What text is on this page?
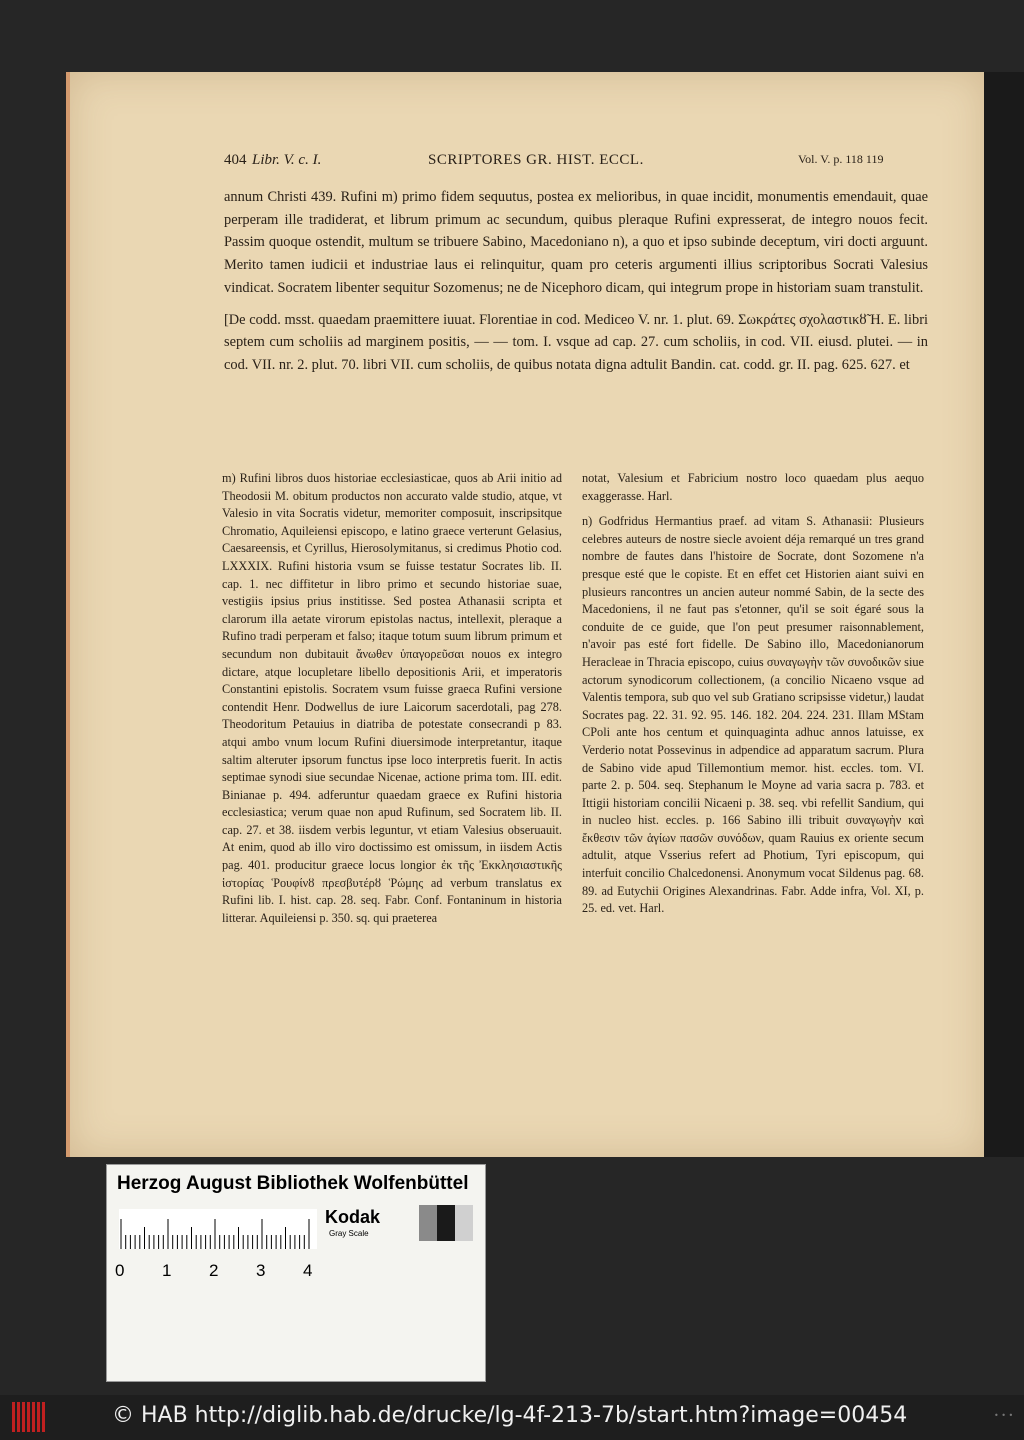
404 Libr. V. c. I.	SCRIPTORES GR. HIST. ECCL.	Vol. V. p. 118 119

annum Christi 439. Rufini m) primo fidem sequutus, postea ex melioribus, in quae incidit, monumentis emendauit, quae perperam ille tradiderat, et librum primum ac secundum, quibus pleraque Rufini expresserat, de integro nouos fecit. Passim quoque ostendit, multum se tribuere Sabino, Macedoniano n), a quo et ipso subinde deceptum, viri docti arguunt. Merito tamen iudicii et industriae laus ei relinquitur, quam pro ceteris argumenti illius scriptoribus Socrati Valesius vindicat. Socratem libenter sequitur Sozomenus; ne de Nicephoro dicam, qui integrum prope in historiam suam transtulit.

[De codd. msst. quaedam praemittere iuuat. Florentiae in cod. Mediceo V. nr. 1. plut. 69. Σωκράτες σχολαστικȣ̃ H. E. libri septem cum scholiis ad marginem positis, — — tom. I. vsque ad cap. 27. cum scholiis, in cod. VII. eiusd. plutei. — in cod. VII. nr. 2. plut. 70. libri VII. cum scholiis, de quibus notata digna adtulit Bandin. cat. codd. gr. II. pag. 625. 627. et

m) Rufini libros duos historiae ecclesiasticae, quos ab Arii initio ad Theodosii M. obitum productos non accurato valde studio, atque, vt Valesio in vita Socratis videtur, memoriter composuit, inscripsitque Chromatio, Aquileiensi episcopo, e latino graece verterunt Gelasius, Caesareensis, et Cyrillus, Hierosolymitanus, si credimus Photio cod. LXXXIX. Rufini historia vsum se fuisse testatur Socrates lib. II. cap. 1. nec diffitetur in libro primo et secundo historiae suae, vestigiis ipsius prius institisse. Sed postea Athanasii scripta et clarorum illa aetate virorum epistolas nactus, intellexit, pleraque a Rufino tradi perperam et falso; itaque totum suum librum primum et secundum non dubitauit ἄνωθεν ὑπαγορεῦσαι nouos ex integro dictare, atque locupletare libello depositionis Arii, et imperatoris Constantini epistolis. Socratem vsum fuisse graeca Rufini versione contendit Henr. Dodwellus de iure Laicorum sacerdotali, pag 278. Theodoritum Petauius in diatriba de potestate consecrandi p 83. atqui ambo vnum locum Rufini diuersimode interpretantur, itaque saltim alteruter ipsorum functus ipse loco interpretis fuerit. In actis septimae synodi siue secundae Nicenae, actione prima tom. III. edit. Binianae p. 494. adferuntur quaedam graece ex Rufini historia ecclesiastica; verum quae non apud Rufinum, sed Socratem lib. II. cap. 27. et 38. iisdem verbis leguntur, vt etiam Valesius obseruauit. At enim, quod ab illo viro doctissimo est omissum, in iisdem Actis pag. 401. producitur graece locus longior ἐκ τῆς Ἐκκλησιαστικῆς ἱστορίας Ῥουφίνȣ πρεσβυτέρȣ Ῥώμης ad verbum translatus ex Rufini lib. I. hist. cap. 28. seq. Fabr. Conf. Fontaninum in historia litterar. Aquileiensi p. 350. sq. qui praeterea

notat, Valesium et Fabricium nostro loco quaedam plus aequo exaggerasse. Harl.

n) Godfridus Hermantius praef. ad vitam S. Athanasii: Plusieurs celebres auteurs de nostre siecle avoient déja remarqué un tres grand nombre de fautes dans l'histoire de Socrate, dont Sozomene n'a presque esté que le copiste. Et en effet cet Historien aiant suivi en plusieurs rancontres un ancien auteur nommé Sabin, de la secte des Macedoniens, il ne faut pas s'etonner, qu'il se soit égaré sous la conduite de ce guide, que l'on peut presumer raisonnablement, n'avoir pas esté fort fidelle. De Sabino illo, Macedonianorum Heracleae in Thracia episcopo, cuius συναγωγὴν τῶν συνοδικῶν siue actorum synodicorum collectionem, (a concilio Nicaeno vsque ad Valentis tempora, sub quo vel sub Gratiano scripsisse videtur,) laudat Socrates pag. 22. 31. 92. 95. 146. 182. 204. 224. 231. Illam MStam CPoli ante hos centum et quinquaginta adhuc annos latuisse, ex Verderio notat Possevinus in adpendice ad apparatum sacrum. Plura de Sabino vide apud Tillemontium memor. hist. eccles. tom. VI. parte 2. p. 504. seq. Stephanum le Moyne ad varia sacra p. 783. et Ittigii historiam concilii Nicaeni p. 38. seq. vbi refellit Sandium, qui in nucleo hist. eccles. p. 166 Sabino illi tribuit συναγωγὴν καὶ ἔκθεσιν τῶν ἁγίων πασῶν συνόδων, quam Rauius ex oriente secum adtulit, atque Vsserius refert ad Photium, Tyri episcopum, qui interfuit concilio Chalcedonensi. Anonymum vocat Sildenus pag. 68. 89. ad Eutychii Origines Alexandrinas. Fabr. Adde infra, Vol. XI, p. 25. ed. vet. Harl.

Herzog August Bibliothek Wolfenbüttel
0 1 2 3 4
Kodak
Gray Scale
© HAB http://diglib.hab.de/drucke/lg-4f-213-7b/start.htm?image=00454	• • •
